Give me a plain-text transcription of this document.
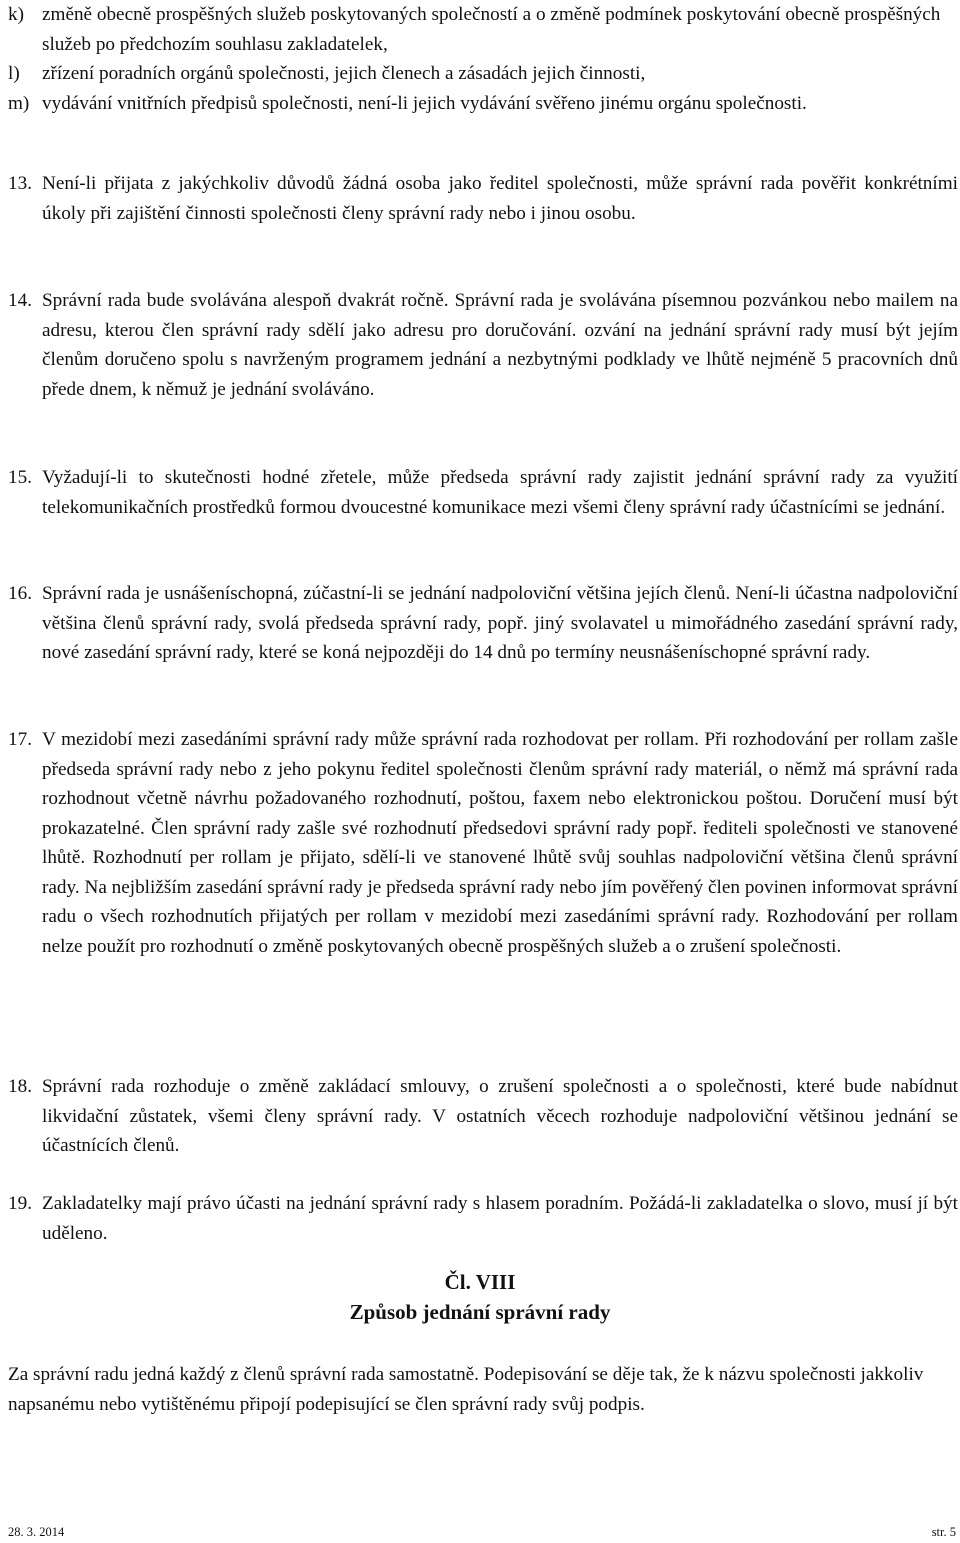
k) změně obecně prospěšných služeb poskytovaných společností a o změně podmínek poskytování obecně prospěšných služeb po předchozím souhlasu zakladatelek,
l)	zřízení poradních orgánů společnosti, jejich členech a zásadách jejich činnosti,
m) vydávání vnitřních předpisů společnosti, není-li jejich vydávání svěřeno jinému orgánu společnosti.
13. Není-li přijata z jakýchkoliv důvodů žádná osoba jako ředitel společnosti, může správní rada pověřit konkrétními úkoly při zajištění činnosti společnosti členy správní rady nebo i jinou osobu.
14. Správní rada bude svolávána alespoň dvakrát ročně. Správní rada je svolávána písemnou pozvánkou nebo mailem na adresu, kterou člen správní rady sdělí jako adresu pro doručování. ozvání na jednání správní rady musí být jejím členům doručeno spolu s navrženým programem jednání a nezbytnými podklady ve lhůtě nejméně 5 pracovních dnů přede dnem, k němuž je jednání svoláváno.
15. Vyžadují-li to skutečnosti hodné zřetele, může předseda správní rady zajistit jednání správní rady za využití telekomunikačních prostředků formou dvoucestné komunikace mezi všemi členy správní rady účastnícími se jednání.
16. Správní rada je usnášeníschopná, zúčastní-li se jednání nadpoloviční většina jejích členů. Není-li účastna nadpoloviční většina členů správní rady, svolá předseda správní rady, popř. jiný svolavatel u mimořádného zasedání správní rady, nové zasedání správní rady, které se koná nejpozději do 14 dnů po termíny neusnášeníschopné správní rady.
17. V mezidobí mezi zasedáními správní rady může správní rada rozhodovat per rollam. Při rozhodování per rollam zašle předseda správní rady nebo z jeho pokynu ředitel společnosti členům správní rady materiál, o němž má správní rada rozhodnout včetně návrhu požadovaného rozhodnutí, poštou, faxem nebo elektronickou poštou. Doručení musí být prokazatelné. Člen správní rady zašle své rozhodnutí předsedovi správní rady popř. řediteli společnosti ve stanovené lhůtě. Rozhodnutí per rollam je přijato, sdělí-li ve stanovené lhůtě svůj souhlas nadpoloviční většina členů správní rady. Na nejbližším zasedání správní rady je předseda správní rady nebo jím pověřený člen povinen informovat správní radu o všech rozhodnutích přijatých per rollam v mezidobí mezi zasedáními správní rady. Rozhodování per rollam nelze použít pro rozhodnutí o změně poskytovaných obecně prospěšných služeb a o zrušení společnosti.
18. Správní rada rozhoduje o změně zakládací smlouvy, o zrušení společnosti a o společnosti, které bude nabídnut likvidační zůstatek, všemi členy správní rady. V ostatních věcech rozhoduje nadpoloviční většinou jednání se účastnících členů.
19. Zakladatelky mají právo účasti na jednání správní rady s hlasem poradním. Požádá-li zakladatelka o slovo, musí jí být uděleno.
Čl. VIII
Způsob jednání správní rady
Za správní radu jedná každý z členů správní rada samostatně. Podepisování se děje tak, že k názvu společnosti jakkoliv napsanému nebo vytištěnému připojí podepisující se člen správní rady svůj podpis.
28. 3. 2014	str. 5
